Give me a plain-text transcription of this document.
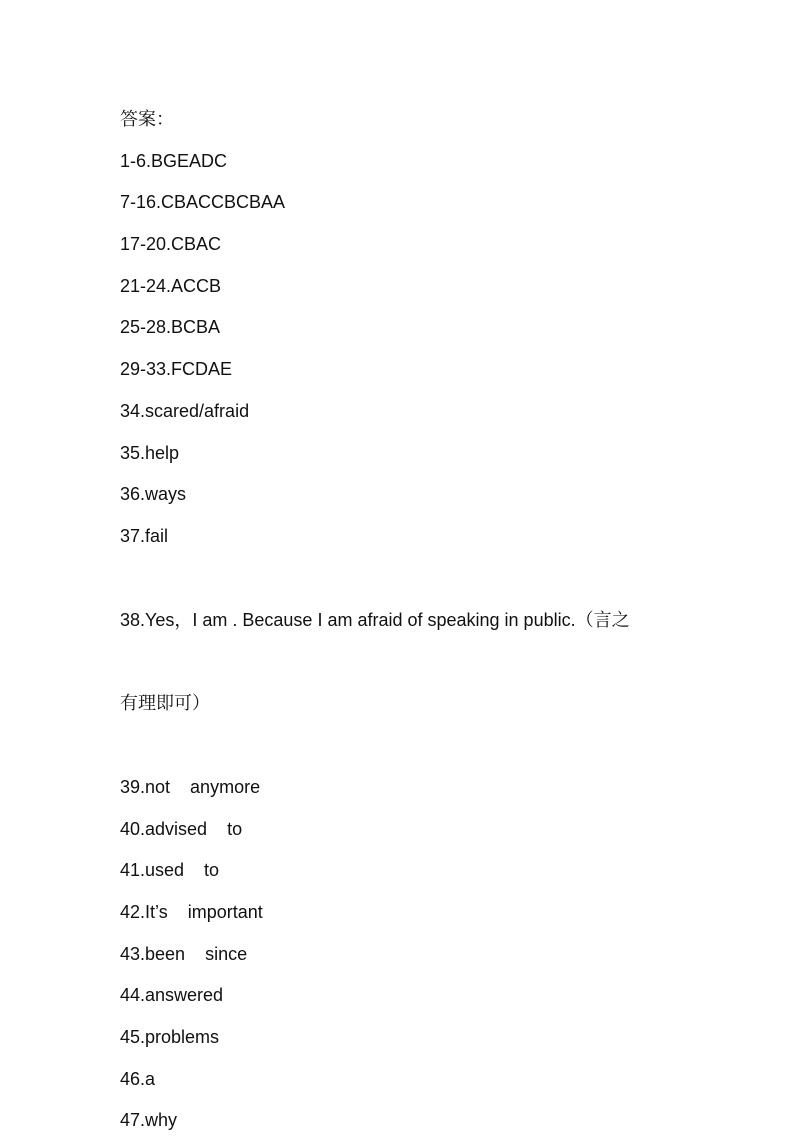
答案：
1-6.BGEADC
7-16.CBACCBCBAA
17-20.CBAC
21-24.ACCB
25-28.BCBA
29-33.FCDAE
34.scared/afraid
35.help
36.ways
37.fail

38.Yes，I am . Because I am afraid of speaking in public.（言之

有理即可）

39.not    anymore
40.advised    to
41.used    to
42.It’s    important
43.been    since
44.answered
45.problems
46.a
47.why
